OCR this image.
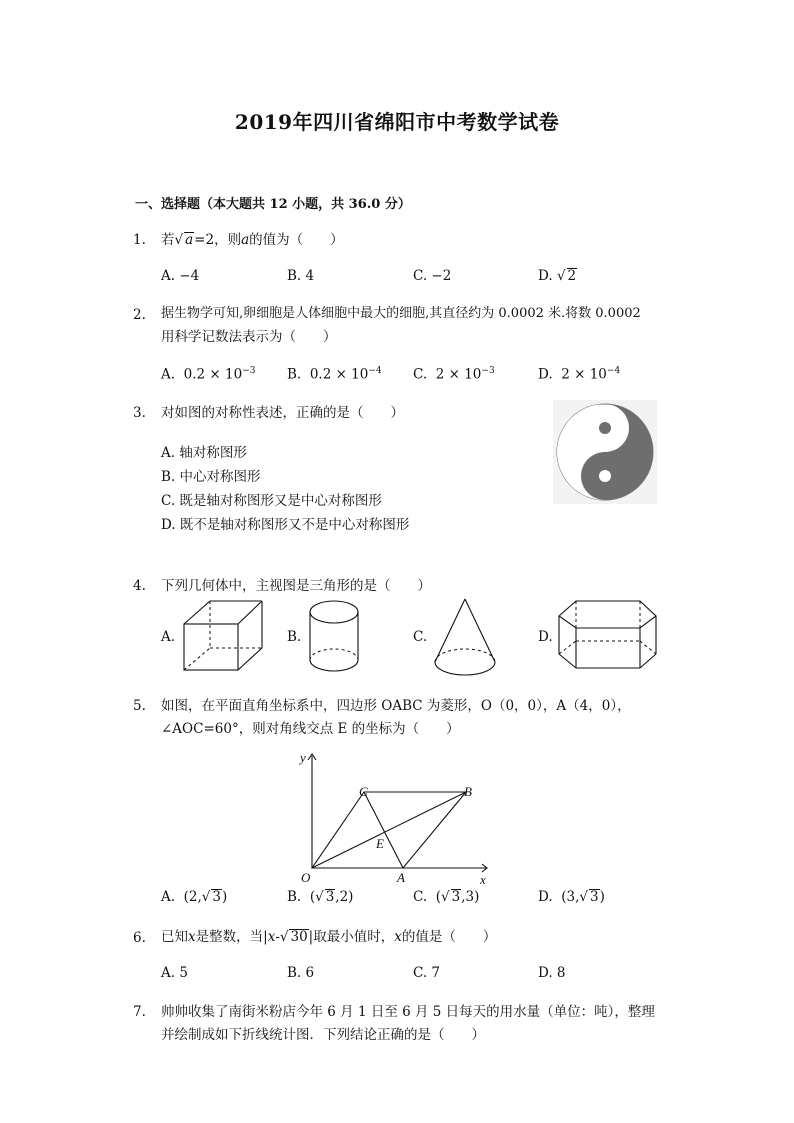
2019年四川省绵阳市中考数学试卷
一、选择题（本大题共 12 小题，共 36.0 分）
1. 若√ a=2，则a的值为（　　）
A. −4	B. 4	C. −2	D. √ 2
2. 据生物学可知,卵细胞是人体细胞中最大的细胞,其直径约为 0.0002 米.将数 0.0002
用科学记数法表示为（　　）
A. $0.2 \times 10^{-3}$ B. $0.2 \times 10^{-4}$ C. $2 \times 10^{-3}$	D. $2 \times 10^{-4}$
3. 对如图的对称性表述，正确的是（　　）
A. 轴对称图形
B. 中心对称图形
C. 既是轴对称图形又是中心对称图形
D. 既不是轴对称图形又不是中心对称图形
4. 下列几何体中，主视图是三角形的是（　　）
A.	B.	C.	D.
5. 如图，在平面直角坐标系中，四边形 OABC 为菱形，O（0，0），A（4，0），
∠AOC=60°，则对角线交点 E 的坐标为（　　）
y
x
O	A
B
C
E
A. (2,√ 3)	B. (√ 3,2)	C. (√ 3,3)	D. (3,√ 3)
6. 已知x是整数，当|x-√ 30|取最小值时，x的值是（　　）
A. 5	B. 6	C. 7	D. 8
7. 帅帅收集了南街米粉店今年 6 月 1 日至 6 月 5 日每天的用水量（单位：吨），整理
并绘制成如下折线统计图．下列结论正确的是（　　）
